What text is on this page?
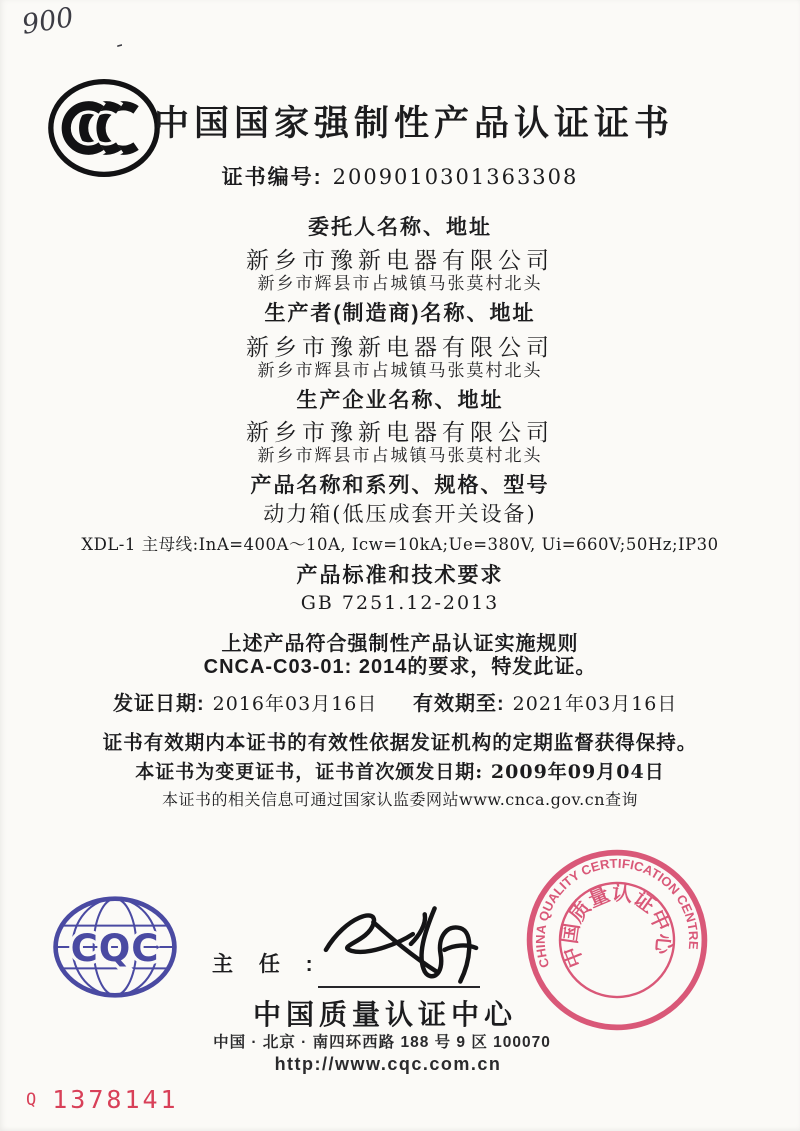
900
-
中国国家强制性产品认证证书
证书编号: 2009010301363308
委托人名称、地址
新乡市豫新电器有限公司
新乡市辉县市占城镇马张莫村北头
生产者(制造商)名称、地址
新乡市豫新电器有限公司
新乡市辉县市占城镇马张莫村北头
生产企业名称、地址
新乡市豫新电器有限公司
新乡市辉县市占城镇马张莫村北头
产品名称和系列、规格、型号
动力箱(低压成套开关设备)
XDL-1 主母线:InA=400A～10A, Icw=10kA;Ue=380V, Ui=660V;50Hz;IP30
产品标准和技术要求
GB 7251.12-2013
上述产品符合强制性产品认证实施规则
CNCA-C03-01: 2014的要求，特发此证。
发证日期: 2016年03月16日 有效期至: 2021年03月16日
证书有效期内本证书的有效性依据发证机构的定期监督获得保持。
本证书为变更证书，证书首次颁发日期: 2009年09月04日
本证书的相关信息可通过国家认监委网站www.cnca.gov.cn查询
CQC	主 任 :	CHINA QUALITY CERTIFICATION CENTRE
中国质量认证中心
中国质量认证中心
中国 · 北京 · 南四环西路 188 号 9 区 100070
http://www.cqc.com.cn
Q 1378141
